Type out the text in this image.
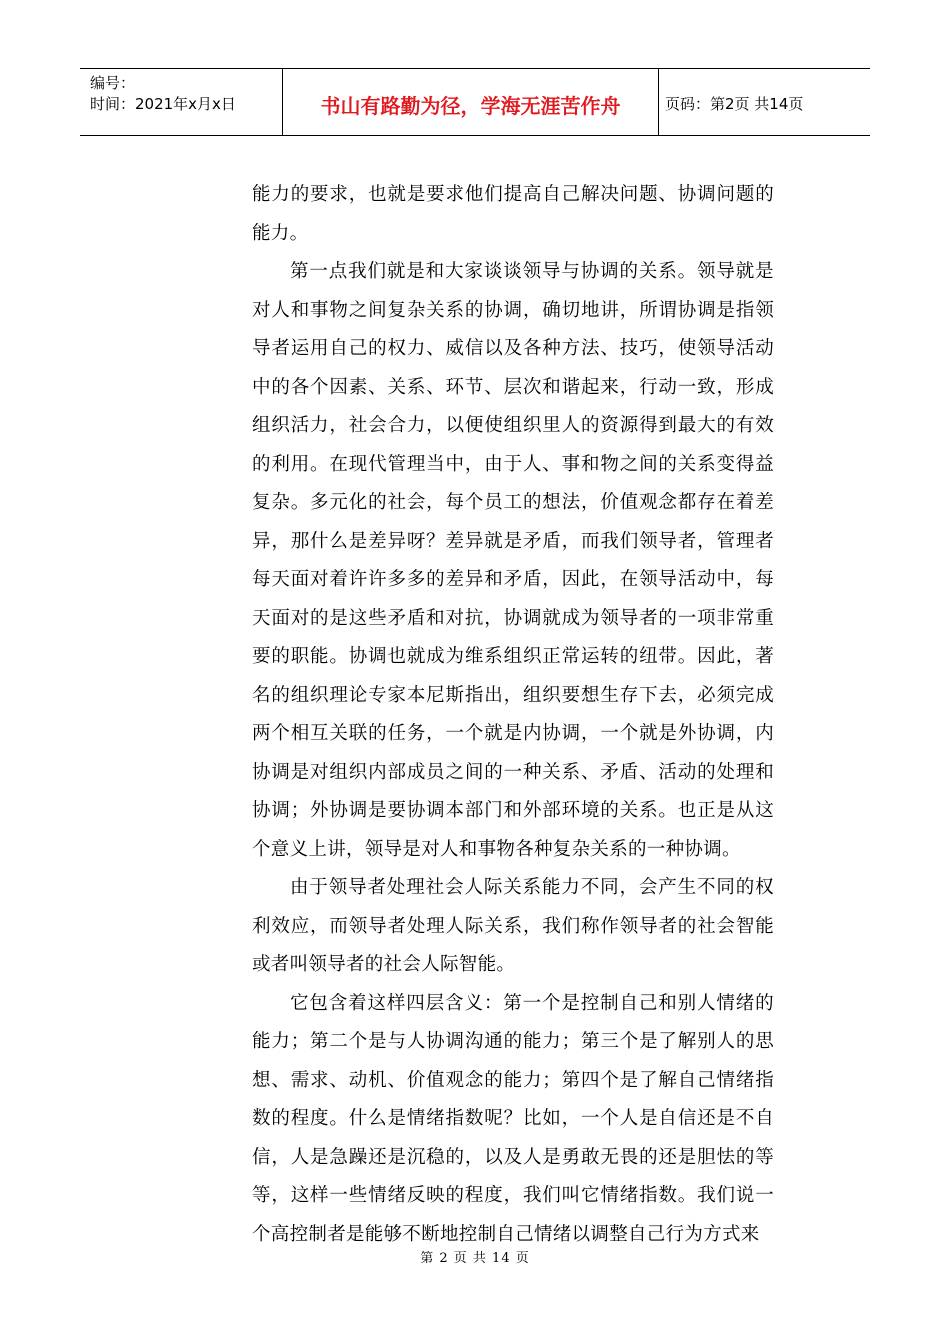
编号：
时间：2021年x月x日	书山有路勤为径，学海无涯苦作舟	页码：第2页 共14页

能力的要求，也就是要求他们提高自己解决问题、协调问题的能力。

第一点我们就是和大家谈谈领导与协调的关系。领导就是对人和事物之间复杂关系的协调，确切地讲，所谓协调是指领导者运用自己的权力、威信以及各种方法、技巧，使领导活动中的各个因素、关系、环节、层次和谐起来，行动一致，形成组织活力，社会合力，以便使组织里人的资源得到最大的有效的利用。在现代管理当中，由于人、事和物之间的关系变得益复杂。多元化的社会，每个员工的想法，价值观念都存在着差异，那什么是差异呀？差异就是矛盾，而我们领导者，管理者每天面对着许许多多的差异和矛盾，因此，在领导活动中，每天面对的是这些矛盾和对抗，协调就成为领导者的一项非常重要的职能。协调也就成为维系组织正常运转的纽带。因此，著名的组织理论专家本尼斯指出，组织要想生存下去，必须完成两个相互关联的任务，一个就是内协调，一个就是外协调，内协调是对组织内部成员之间的一种关系、矛盾、活动的处理和协调；外协调是要协调本部门和外部环境的关系。也正是从这个意义上讲，领导是对人和事物各种复杂关系的一种协调。

由于领导者处理社会人际关系能力不同，会产生不同的权利效应，而领导者处理人际关系，我们称作领导者的社会智能或者叫领导者的社会人际智能。

它包含着这样四层含义：第一个是控制自己和别人情绪的能力；第二个是与人协调沟通的能力；第三个是了解别人的思想、需求、动机、价值观念的能力；第四个是了解自己情绪指数的程度。什么是情绪指数呢？比如，一个人是自信还是不自信，人是急躁还是沉稳的，以及人是勇敢无畏的还是胆怯的等等，这样一些情绪反映的程度，我们叫它情绪指数。我们说一个高控制者是能够不断地控制自己情绪以调整自己行为方式来

第 2 页 共 14 页
